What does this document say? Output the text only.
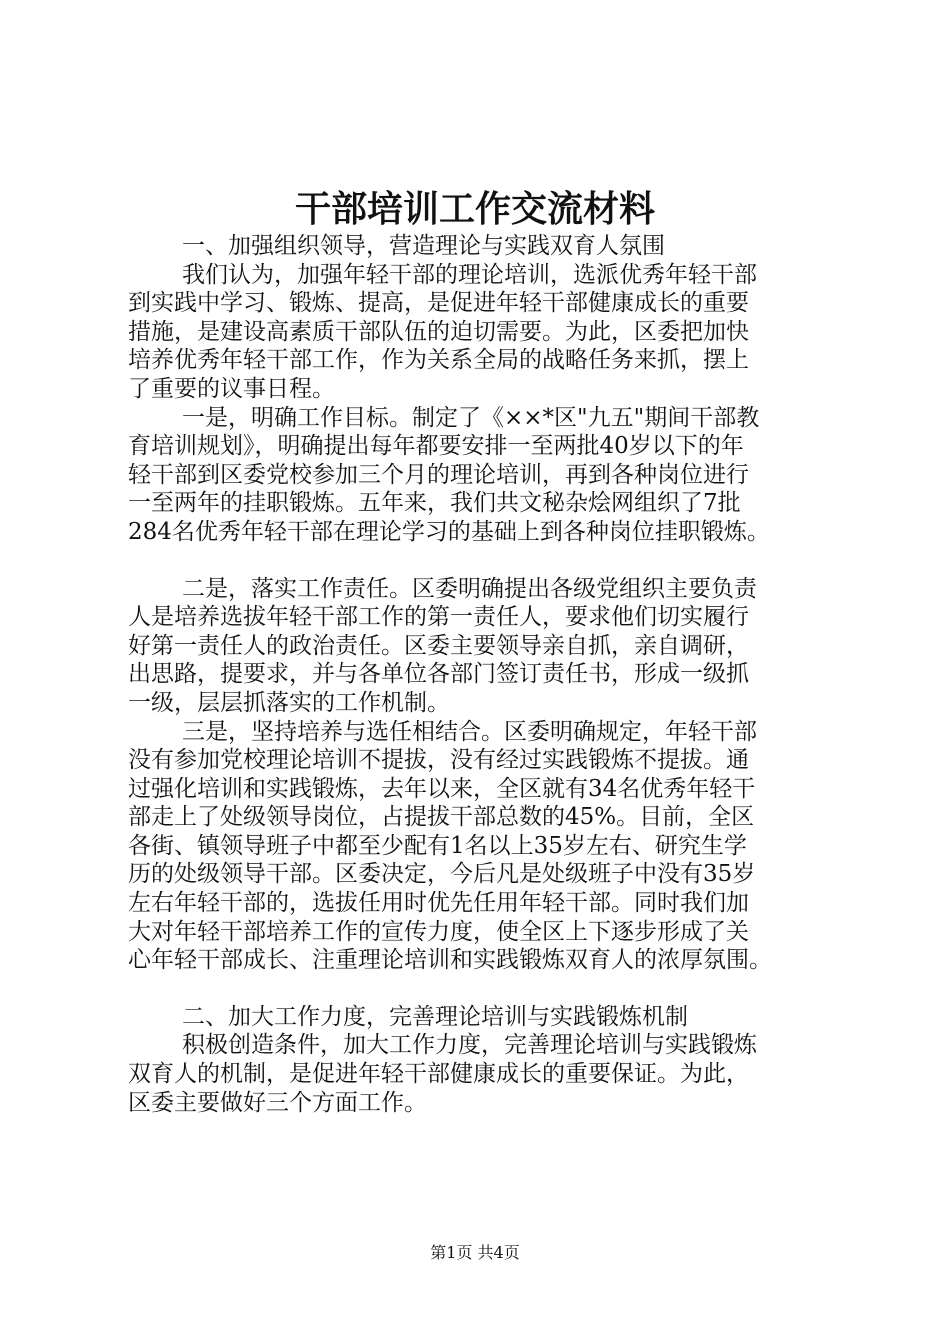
干部培训工作交流材料
一、加强组织领导，营造理论与实践双育人氛围
我们认为，加强年轻干部的理论培训，选派优秀年轻干部
到实践中学习、锻炼、提高，是促进年轻干部健康成长的重要
措施，是建设高素质干部队伍的迫切需要。为此，区委把加快
培养优秀年轻干部工作，作为关系全局的战略任务来抓，摆上
了重要的议事日程。
一是，明确工作目标。制定了《××*区"九五"期间干部教
育培训规划》，明确提出每年都要安排一至两批40岁以下的年
轻干部到区委党校参加三个月的理论培训，再到各种岗位进行
一至两年的挂职锻炼。五年来，我们共文秘杂烩网组织了7批
284名优秀年轻干部在理论学习的基础上到各种岗位挂职锻炼。
二是，落实工作责任。区委明确提出各级党组织主要负责
人是培养选拔年轻干部工作的第一责任人，要求他们切实履行
好第一责任人的政治责任。区委主要领导亲自抓，亲自调研，
出思路，提要求，并与各单位各部门签订责任书，形成一级抓
一级，层层抓落实的工作机制。
三是，坚持培养与选任相结合。区委明确规定，年轻干部
没有参加党校理论培训不提拔，没有经过实践锻炼不提拔。通
过强化培训和实践锻炼，去年以来，全区就有34名优秀年轻干
部走上了处级领导岗位，占提拔干部总数的45%。目前，全区
各街、镇领导班子中都至少配有1名以上35岁左右、研究生学
历的处级领导干部。区委决定，今后凡是处级班子中没有35岁
左右年轻干部的，选拔任用时优先任用年轻干部。同时我们加
大对年轻干部培养工作的宣传力度，使全区上下逐步形成了关
心年轻干部成长、注重理论培训和实践锻炼双育人的浓厚氛围。
二、加大工作力度，完善理论培训与实践锻炼机制
积极创造条件，加大工作力度，完善理论培训与实践锻炼
双育人的机制，是促进年轻干部健康成长的重要保证。为此，
区委主要做好三个方面工作。
第1页 共4页
